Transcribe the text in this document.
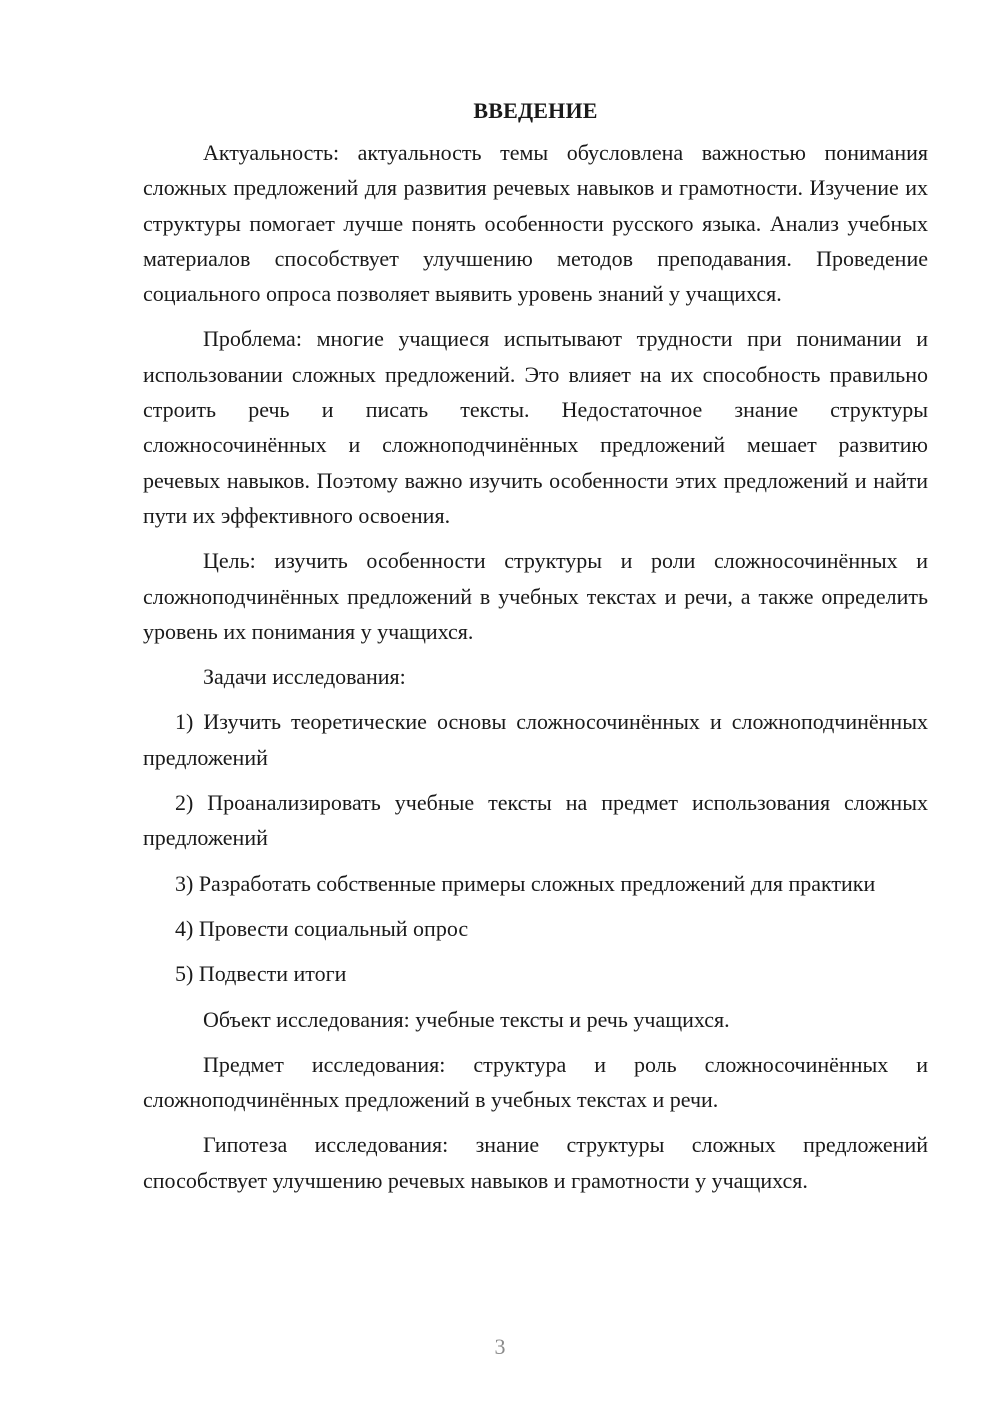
ВВЕДЕНИЕ

Актуальность: актуальность темы обусловлена важностью понимания сложных предложений для развития речевых навыков и грамотности. Изучение их структуры помогает лучше понять особенности русского языка. Анализ учебных материалов способствует улучшению методов преподавания. Проведение социального опроса позволяет выявить уровень знаний у учащихся.

Проблема: многие учащиеся испытывают трудности при понимании и использовании сложных предложений. Это влияет на их способность правильно строить речь и писать тексты. Недостаточное знание структуры сложносочинённых и сложноподчинённых предложений мешает развитию речевых навыков. Поэтому важно изучить особенности этих предложений и найти пути их эффективного освоения.

Цель: изучить особенности структуры и роли сложносочинённых и сложноподчинённых предложений в учебных текстах и речи, а также определить уровень их понимания у учащихся.

Задачи исследования:

1) Изучить теоретические основы сложносочинённых и сложноподчинённых предложений

2) Проанализировать учебные тексты на предмет использования сложных предложений

3) Разработать собственные примеры сложных предложений для практики

4) Провести социальный опрос

5) Подвести итоги

Объект исследования: учебные тексты и речь учащихся.

Предмет исследования: структура и роль сложносочинённых и сложноподчинённых предложений в учебных текстах и речи.

Гипотеза исследования: знание структуры сложных предложений способствует улучшению речевых навыков и грамотности у учащихся.

3
